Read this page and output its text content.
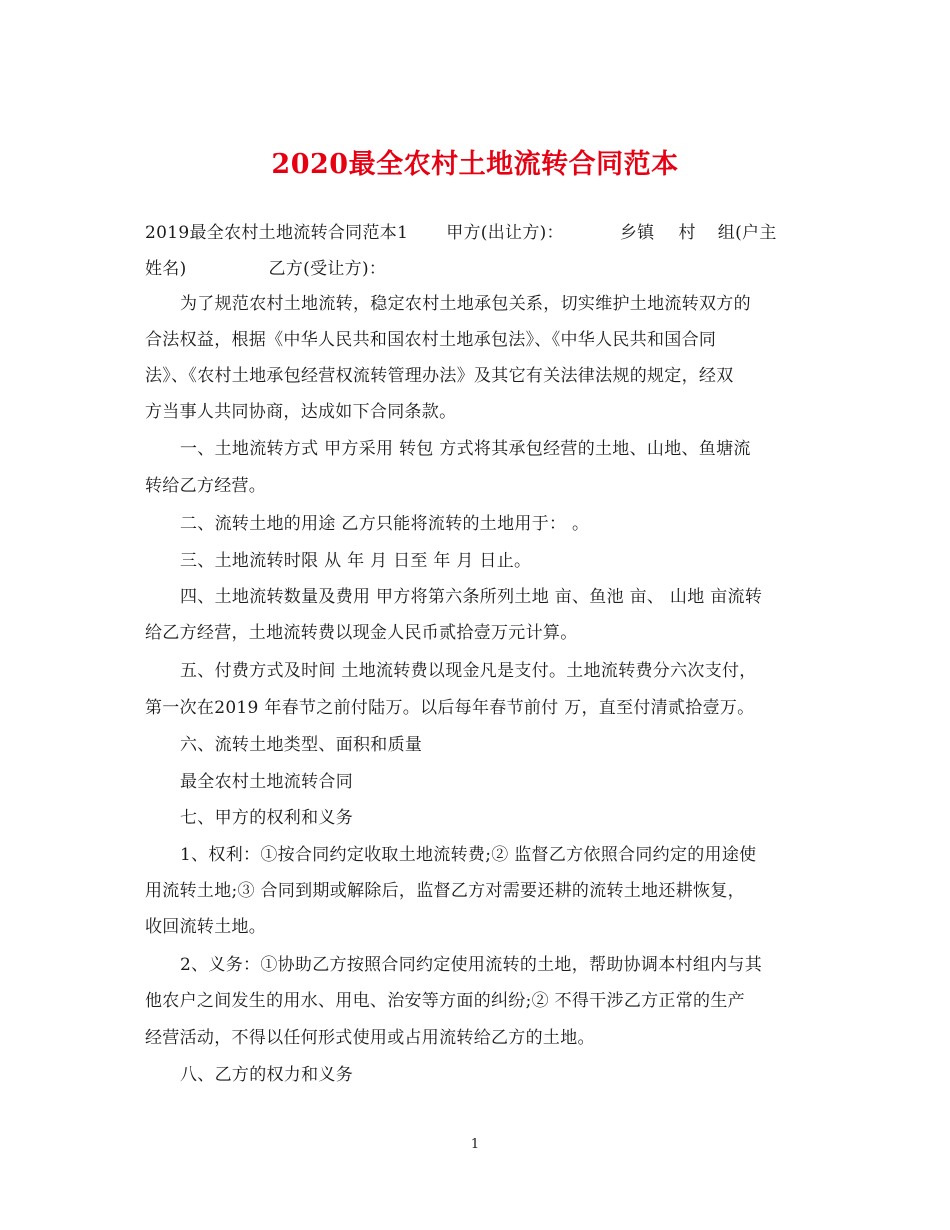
2020最全农村土地流转合同范本
2019最全农村土地流转合同范本1 甲方(出让方)：	乡镇 村 组(户主
姓名)	乙方(受让方)：
为了规范农村土地流转，稳定农村土地承包关系，切实维护土地流转双方的
合法权益，根据《中华人民共和国农村土地承包法》、《中华人民共和国合同
法》、《农村土地承包经营权流转管理办法》及其它有关法律法规的规定，经双
方当事人共同协商，达成如下合同条款。
一、土地流转方式 甲方采用 转包 方式将其承包经营的土地、山地、鱼塘流
转给乙方经营。
二、流转土地的用途 乙方只能将流转的土地用于： 。
三、土地流转时限 从 年 月 日至 年 月 日止。
四、土地流转数量及费用 甲方将第六条所列土地 亩、鱼池 亩、 山地 亩流转
给乙方经营，土地流转费以现金人民币贰拾壹万元计算。
五、付费方式及时间 土地流转费以现金凡是支付。土地流转费分六次支付，
第一次在2019 年春节之前付陆万。以后每年春节前付 万，直至付清贰拾壹万。
六、流转土地类型、面积和质量
最全农村土地流转合同
七、甲方的权利和义务
1、权利：①按合同约定收取土地流转费;② 监督乙方依照合同约定的用途使
用流转土地;③ 合同到期或解除后，监督乙方对需要还耕的流转土地还耕恢复，
收回流转土地。
2、义务：①协助乙方按照合同约定使用流转的土地，帮助协调本村组内与其
他农户之间发生的用水、用电、治安等方面的纠纷;② 不得干涉乙方正常的生产
经营活动，不得以任何形式使用或占用流转给乙方的土地。
八、乙方的权力和义务
1
